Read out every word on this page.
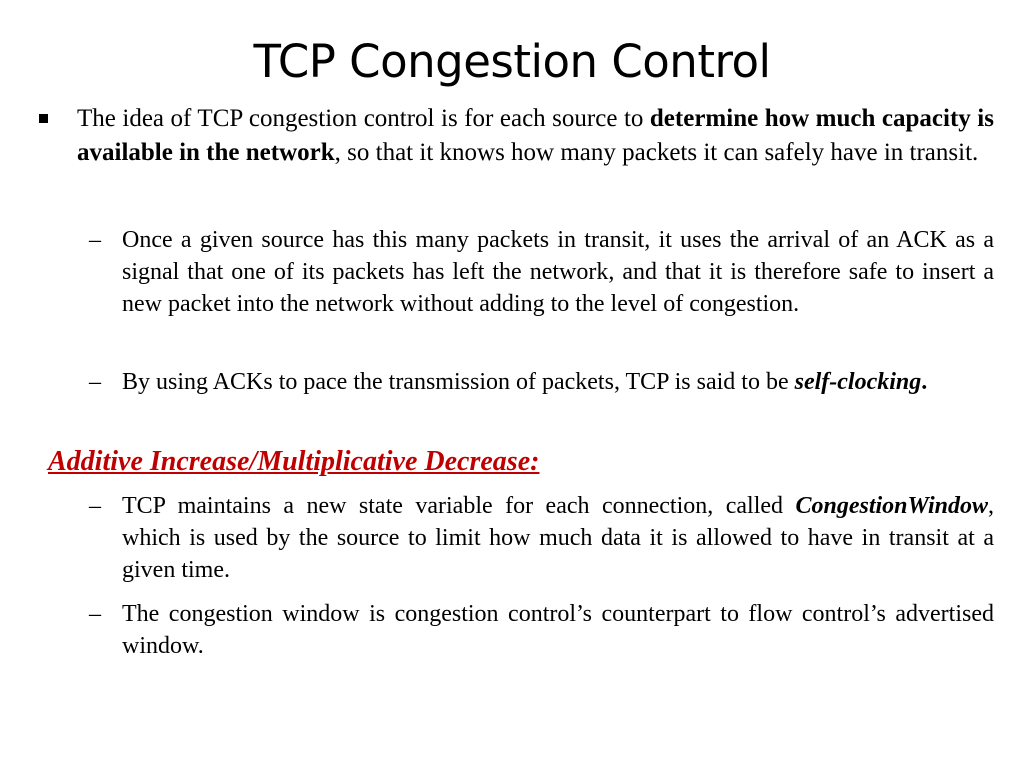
TCP Congestion Control
The idea of TCP congestion control is for each source to determine how much capacity is available in the network, so that it knows how many packets it can safely have in transit.
– Once a given source has this many packets in transit, it uses the arrival of an ACK as a signal that one of its packets has left the network, and that it is therefore safe to insert a new packet into the network without adding to the level of congestion.
– By using ACKs to pace the transmission of packets, TCP is said to be self-clocking.
Additive Increase/Multiplicative Decrease:
– TCP maintains a new state variable for each connection, called CongestionWindow, which is used by the source to limit how much data it is allowed to have in transit at a given time.
– The congestion window is congestion control’s counterpart to flow control’s advertised window.
